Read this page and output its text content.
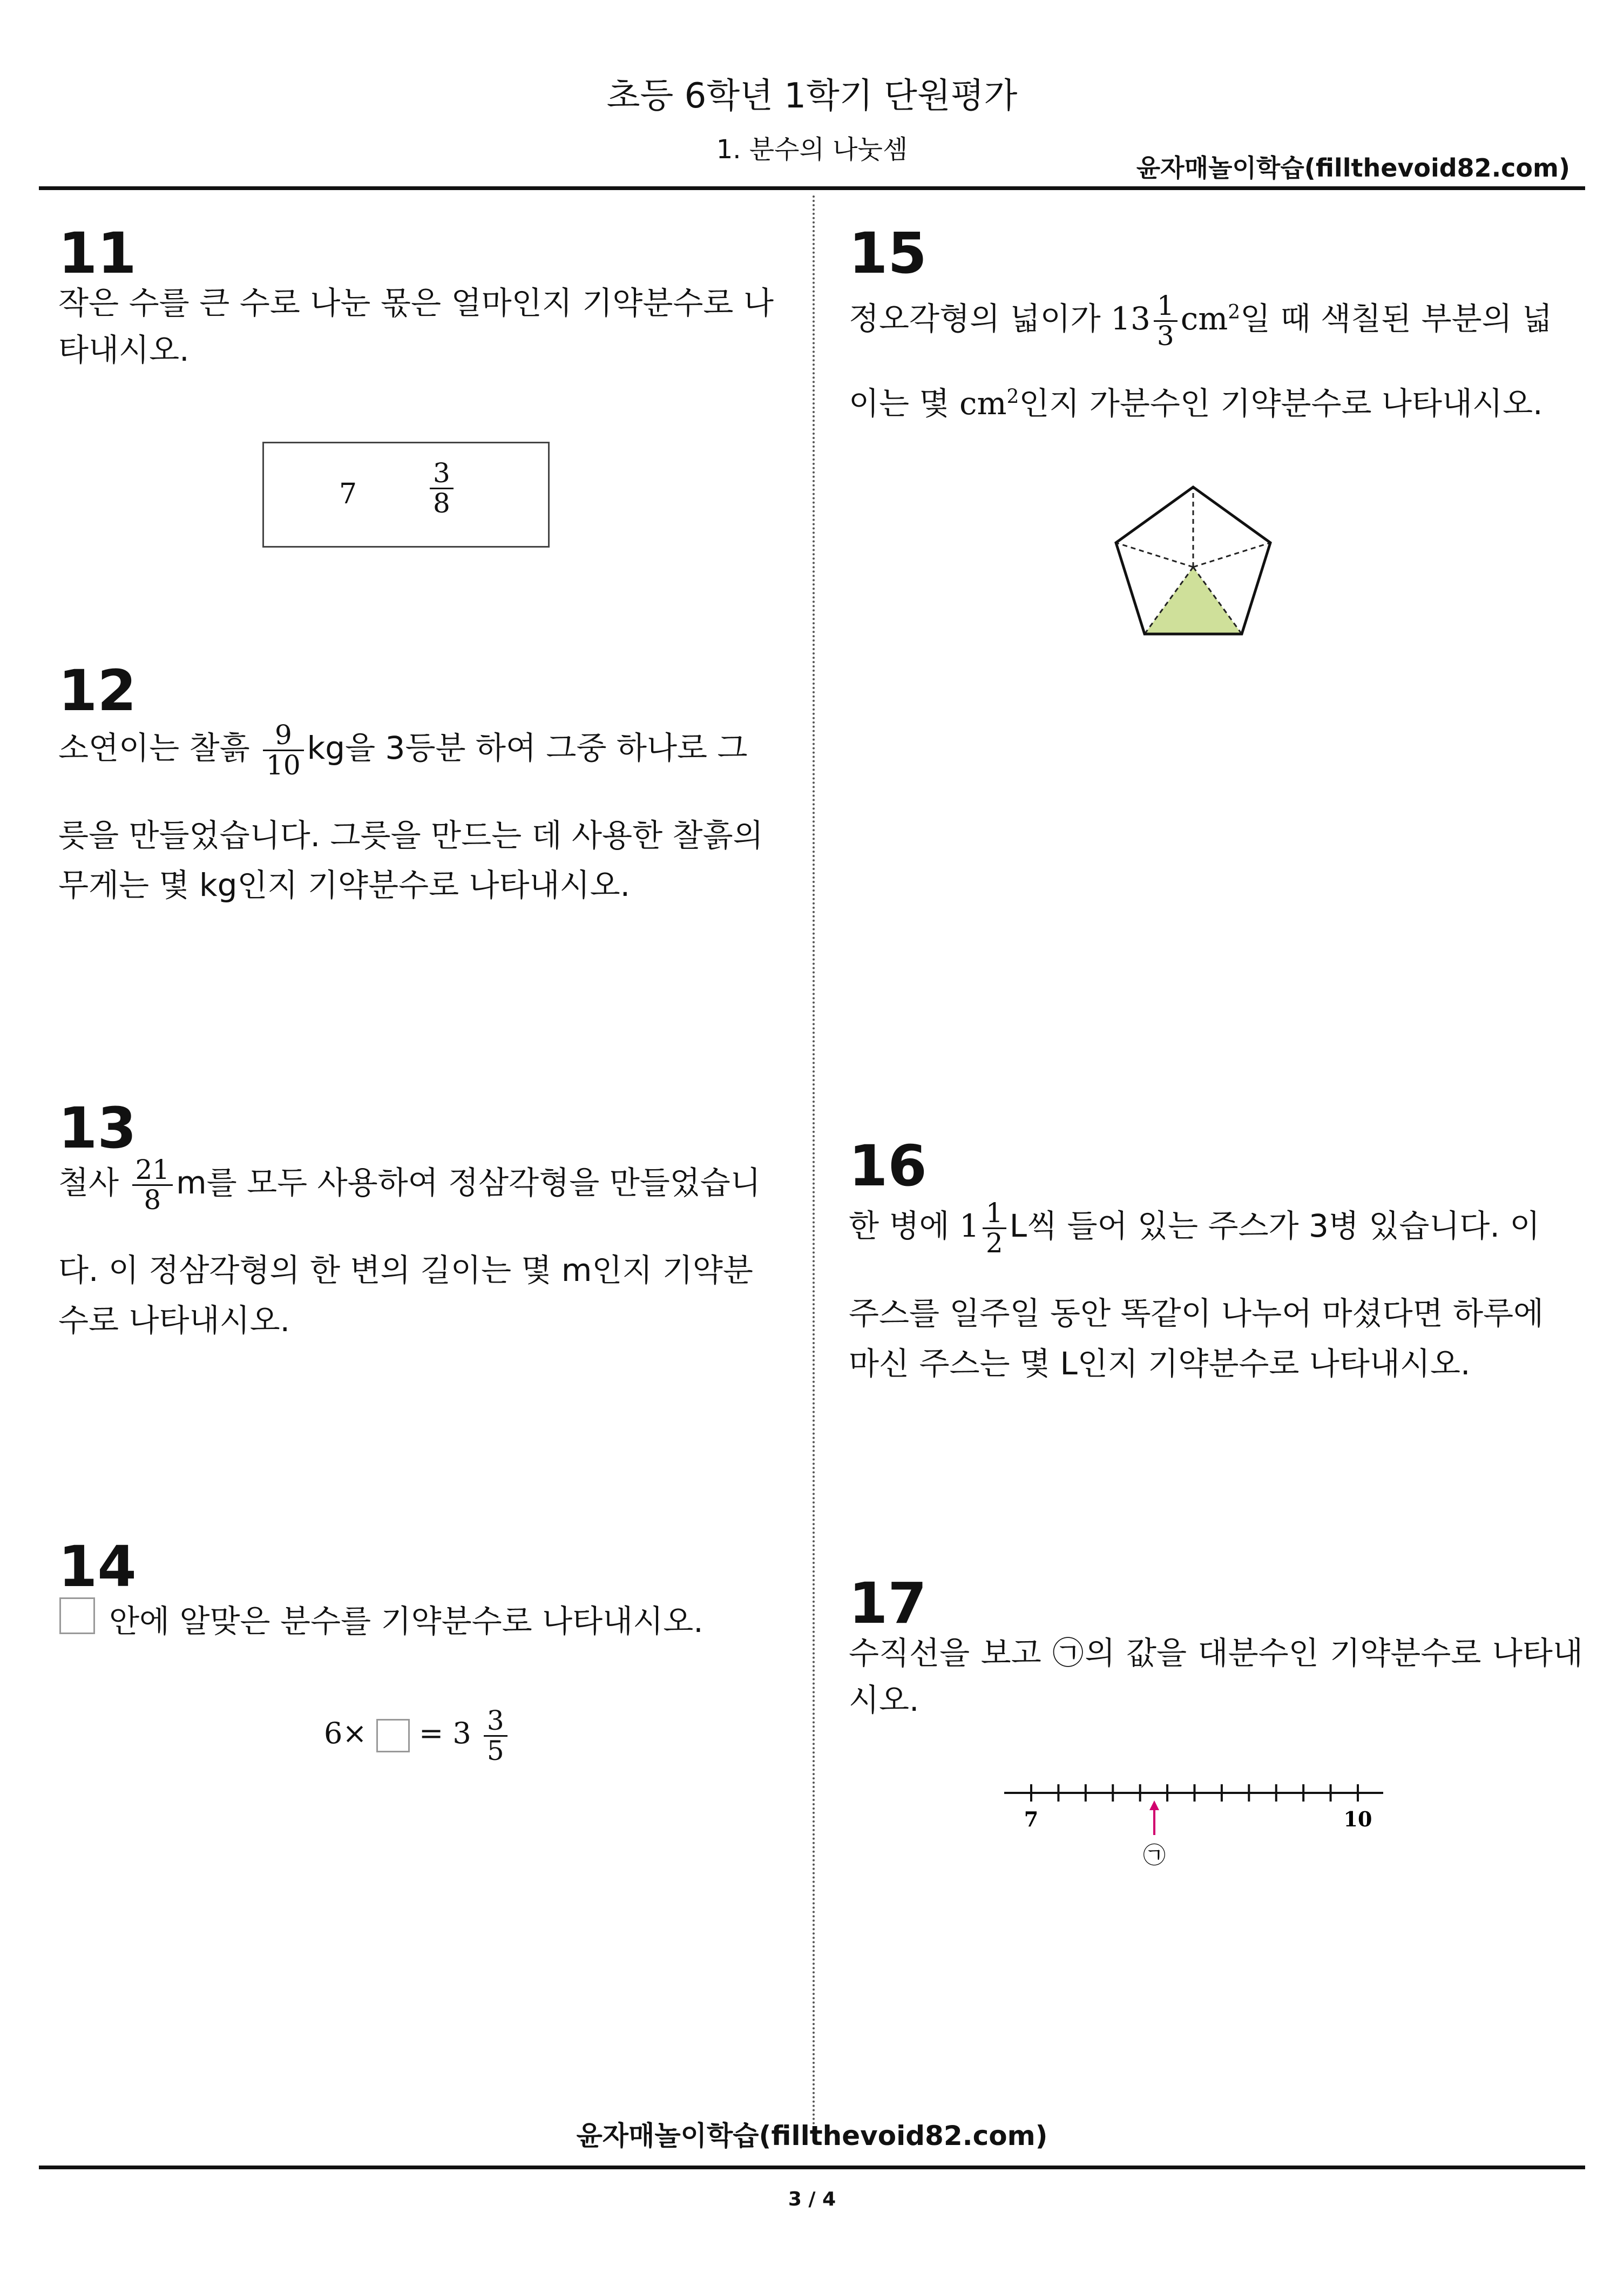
초등 6학년 1학기 단원평가
1. 분수의 나눗셈
윤자매놀이학습(fillthevoid82.com)
11
작은 수를 큰 수로 나눈 몫은 얼마인지 기약분수로 나타내시오.
7
3
8
12
소연이는 찰흙 $\frac{9}{10}$ kg을 3등분 하여 그중 하나로 그
릇을 만들었습니다. 그릇을 만드는 데 사용한 찰흙의
무게는 몇 kg인지 기약분수로 나타내시오.
13
철사 $\frac{21}{8}$ m를 모두 사용하여 정삼각형을 만들었습니
다. 이 정삼각형의 한 변의 길이는 몇 m인지 기약분
수로 나타내시오.
14
안에 알맞은 분수를 기약분수로 나타내시오.
$6\times = 3 \frac{3}{5}$
15
정오각형의 넓이가 $13 \frac{1}{3} cm^2$일 때 색칠된 부분의 넓
이는 몇 $cm^2$인지 가분수인 기약분수로 나타내시오.
16
한 병에 $1 \frac{1}{2}$ L씩 들어 있는 주스가 3병 있습니다. 이
주스를 일주일 동안 똑같이 나누어 마셨다면 하루에
마신 주스는 몇 L인지 기약분수로 나타내시오.
17
수직선을 보고 ㉠의 값을 대분수인 기약분수로 나타내시오.
7	10
㉠
윤자매놀이학습(fillthevoid82.com)
3 / 4
